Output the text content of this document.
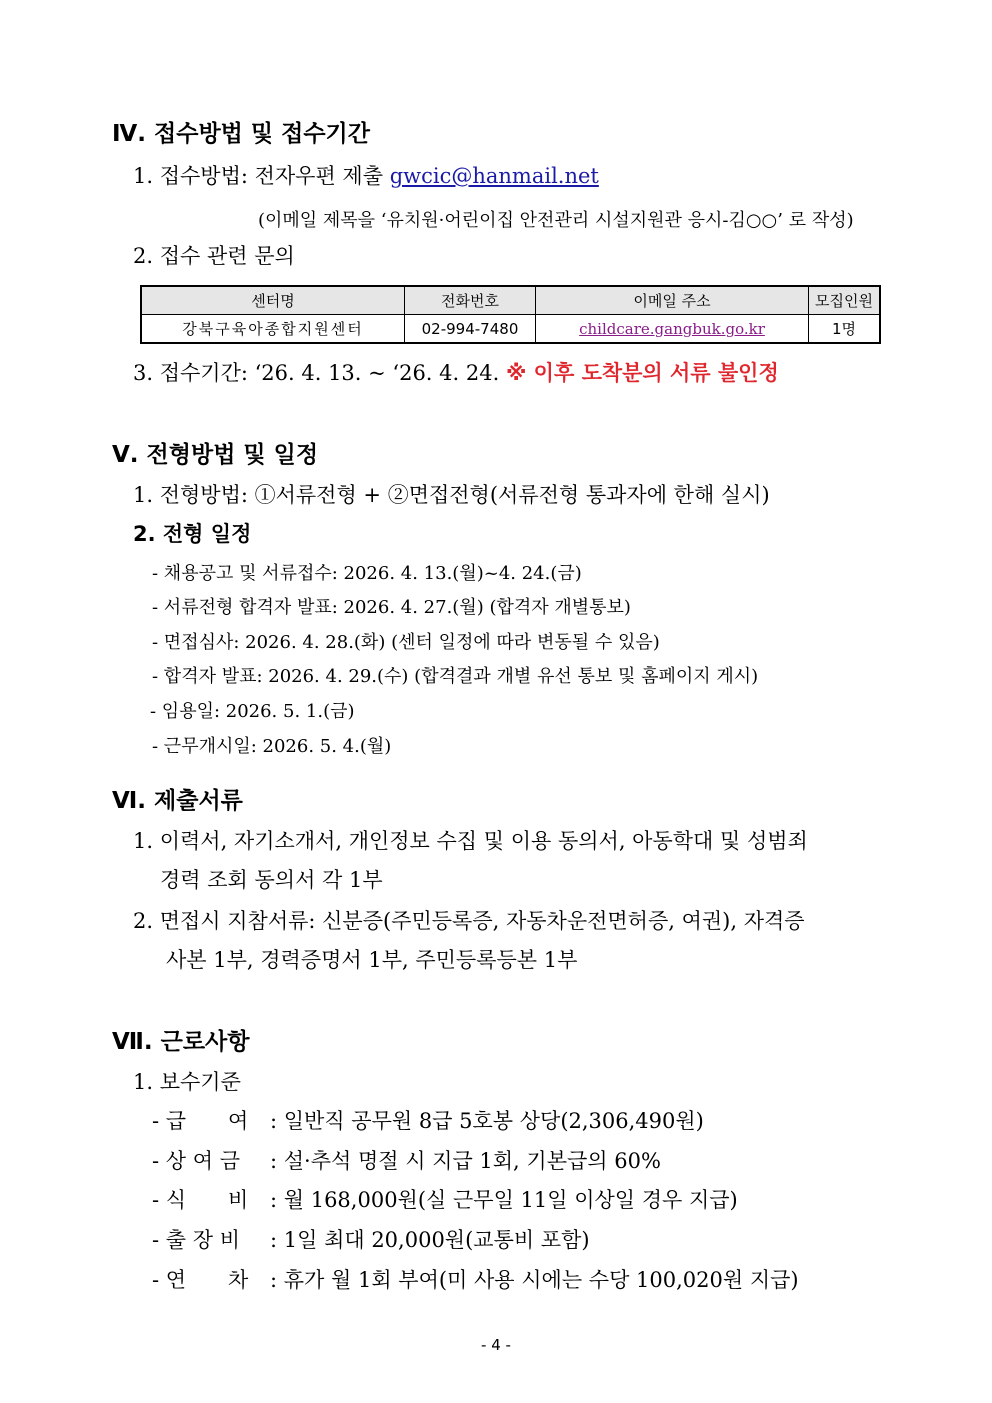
Ⅳ. 접수방법 및 접수기간
1. 접수방법: 전자우편 제출 gwcic@hanmail.net
(이메일 제목을 ‘유치원·어린이집 안전관리 시설지원관 응시-김○○’ 로 작성)
2. 접수 관련 문의
센터명	전화번호	이메일 주소	모집인원
강북구육아종합지원센터	02-994-7480	childcare.gangbuk.go.kr	1명
3. 접수기간: ‘26. 4. 13. ~ ‘26. 4. 24. ※ 이후 도착분의 서류 불인정
Ⅴ. 전형방법 및 일정
1. 전형방법: ①서류전형 + ②면접전형(서류전형 통과자에 한해 실시)
2. 전형 일정
- 채용공고 및 서류접수: 2026. 4. 13.(월)~4. 24.(금)
- 서류전형 합격자 발표: 2026. 4. 27.(월) (합격자 개별통보)
- 면접심사: 2026. 4. 28.(화) (센터 일정에 따라 변동될 수 있음)
- 합격자 발표: 2026. 4. 29.(수) (합격결과 개별 유선 통보 및 홈페이지 게시)
- 임용일: 2026. 5. 1.(금)
- 근무개시일: 2026. 5. 4.(월)
Ⅵ. 제출서류
1. 이력서, 자기소개서, 개인정보 수집 및 이용 동의서, 아동학대 및 성범죄
경력 조회 동의서 각 1부
2. 면접시 지참서류: 신분증(주민등록증, 자동차운전면허증, 여권), 자격증
사본 1부, 경력증명서 1부, 주민등록등본 1부
Ⅶ. 근로사항
1. 보수기준
- 급　　여 : 일반직 공무원 8급 5호봉 상당(2,306,490원)
- 상 여 금 : 설·추석 명절 시 지급 1회, 기본급의 60%
- 식　　비 : 월 168,000원(실 근무일 11일 이상일 경우 지급)
- 출 장 비 : 1일 최대 20,000원(교통비 포함)
- 연　　차 : 휴가 월 1회 부여(미 사용 시에는 수당 100,020원 지급)
- 4 -
